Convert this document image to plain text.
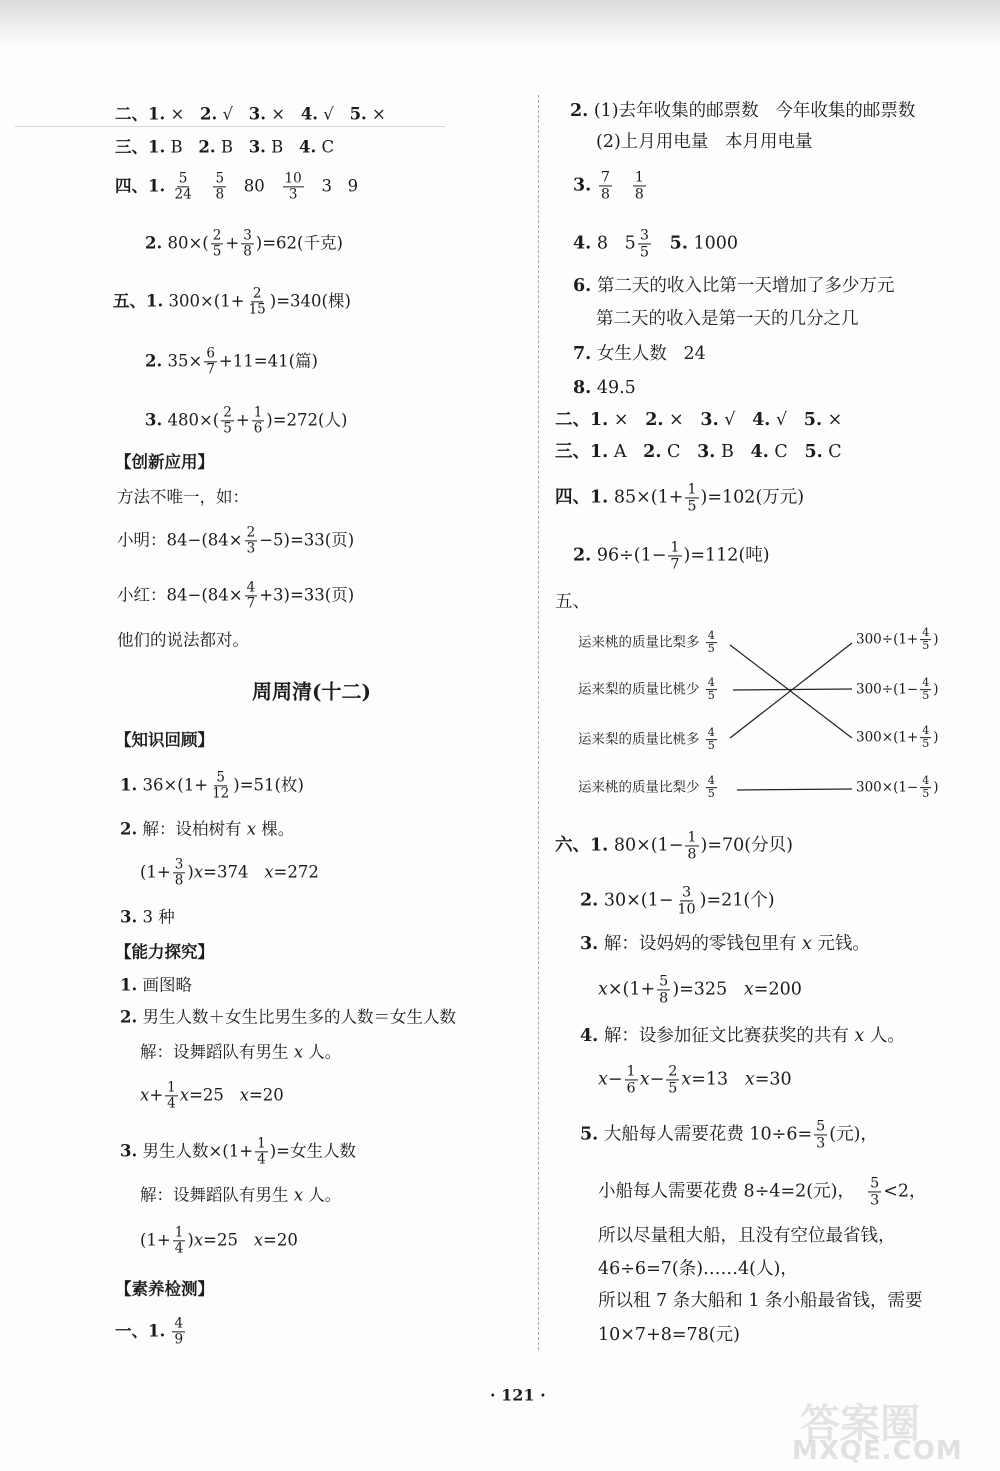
二、1. ×   2. √   3. ×   4. √   5. ×
三、1. B   2. B   3. B   4. C
四、1. $\frac{5}{24}$
$\frac{5}{8} 80 \frac{10}{3} 3$   9
2. $80\times( \frac{2}{5} + \frac{3}{8} )=62$(千克)
五、1. $300\times(1+ \frac{2}{15} )=340$(棵)
2. $35\times \frac{6}{7} +11=41$(篇)
3. $480\times( \frac{2}{5} + \frac{1}{6} )=272$(人)
【创新应用】
方法不唯一，如：
小明：$84-(84\times \frac{2}{3} -5)=33$(页)
小红：$84-(84\times \frac{4}{7} +3)=33$(页)
他们的说法都对。
周周清(十二)
【知识回顾】
1. $36\times(1+ \frac{5}{12} )=51$(枚)
2. 解：设柏树有 x 棵。
$(1+ \frac{3}{8} )x=374$   x=272
3. 3 种
【能力探究】
1. 画图略
2. 男生人数＋女生比男生多的人数＝女生人数
解：设舞蹈队有男生 x 人。
$x+ \frac{1}{4} x=25$   x=20
3. 男生人数$\times(1+ \frac{1}{4}$ )=女生人数
解：设舞蹈队有男生 x 人。
$(1+ \frac{1}{4} )x=25$   x=20
【素养检测】
一、1. $\frac{4}{9}$
2. (1)去年收集的邮票数   今年收集的邮票数
(2)上月用电量   本月用电量
3. $\frac{7}{8}$
$\frac{1}{8}$
4. 8   $5 \frac{3}{5} 5$. 1000
6. 第二天的收入比第一天增加了多少万元
第二天的收入是第一天的几分之几
7. 女生人数   24
8. 49.5
二、1. ×   2. ×   3. √   4. √   5. ×
三、1. A   2. C   3. B   4. C   5. C
四、1. $85\times(1+ \frac{1}{5} )=102$(万元)
2. $96\div(1- \frac{1}{7} )=112$(吨)
五、
运来桃的质量比梨多 $\frac{4}{5}$
运来梨的质量比桃少 $\frac{4}{5}$
运来梨的质量比桃多 $\frac{4}{5}$
运来桃的质量比梨少 $\frac{4}{5}$
$300\div(1+ \frac{4}{5}$ )
$300\div(1- \frac{4}{5}$ )
$300\times(1+ \frac{4}{5}$ )
$300\times(1- \frac{4}{5}$ )
六、1. $80\times(1- \frac{1}{8} )=70$(分贝)
2. $30\times(1- \frac{3}{10} )=21$(个)
3. 解：设妈妈的零钱包里有 x 元钱。
$x\times(1+ \frac{5}{8} )=325$   x=200
4. 解：设参加征文比赛获奖的共有 x 人。
$x- \frac{1}{6} x- \frac{2}{5} x=13$   x=30
5. 大船每人需要花费 $10\div 6= \frac{5}{3}$ (元)，
小船每人需要花费 8÷4=2(元)， $\frac{5}{3} <2$，
所以尽量租大船，且没有空位最省钱，
46÷6=7(条)……4(人)，
所以租 7 条大船和 1 条小船最省钱，需要
10×7+8=78(元)
· 121 ·
答案圈
MXQE.COM
